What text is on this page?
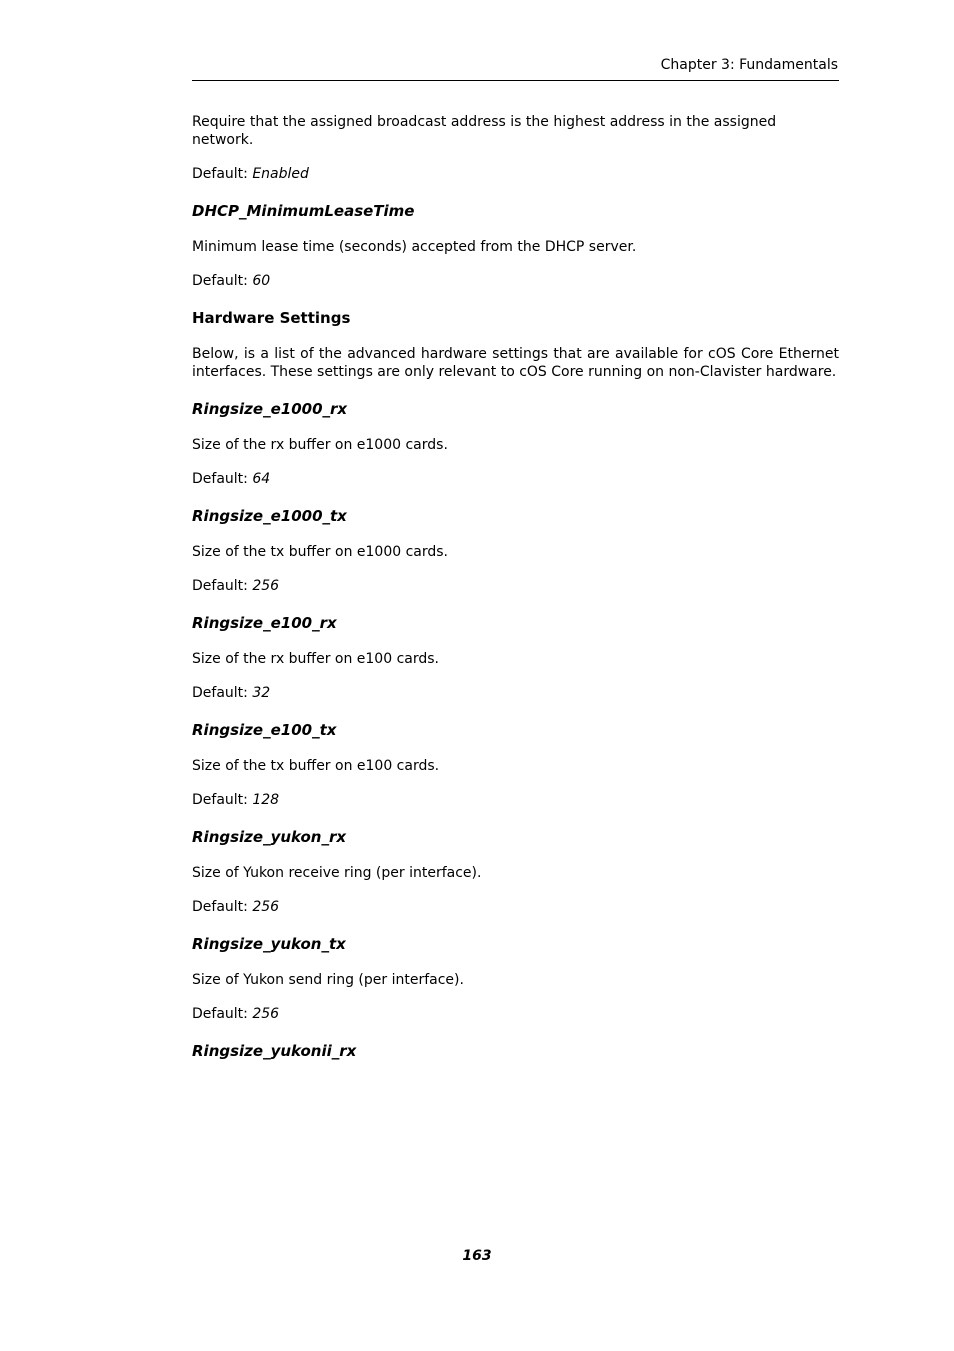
Chapter 3: Fundamentals

Require that the assigned broadcast address is the highest address in the assigned network.

Default: Enabled

DHCP_MinimumLeaseTime

Minimum lease time (seconds) accepted from the DHCP server.

Default: 60

Hardware Settings

Below, is a list of the advanced hardware settings that are available for cOS Core Ethernet interfaces. These settings are only relevant to cOS Core running on non-Clavister hardware.

Ringsize_e1000_rx

Size of the rx buffer on e1000 cards.

Default: 64

Ringsize_e1000_tx

Size of the tx buffer on e1000 cards.

Default: 256

Ringsize_e100_rx

Size of the rx buffer on e100 cards.

Default: 32

Ringsize_e100_tx

Size of the tx buffer on e100 cards.

Default: 128

Ringsize_yukon_rx

Size of Yukon receive ring (per interface).

Default: 256

Ringsize_yukon_tx

Size of Yukon send ring (per interface).

Default: 256

Ringsize_yukonii_rx
163
